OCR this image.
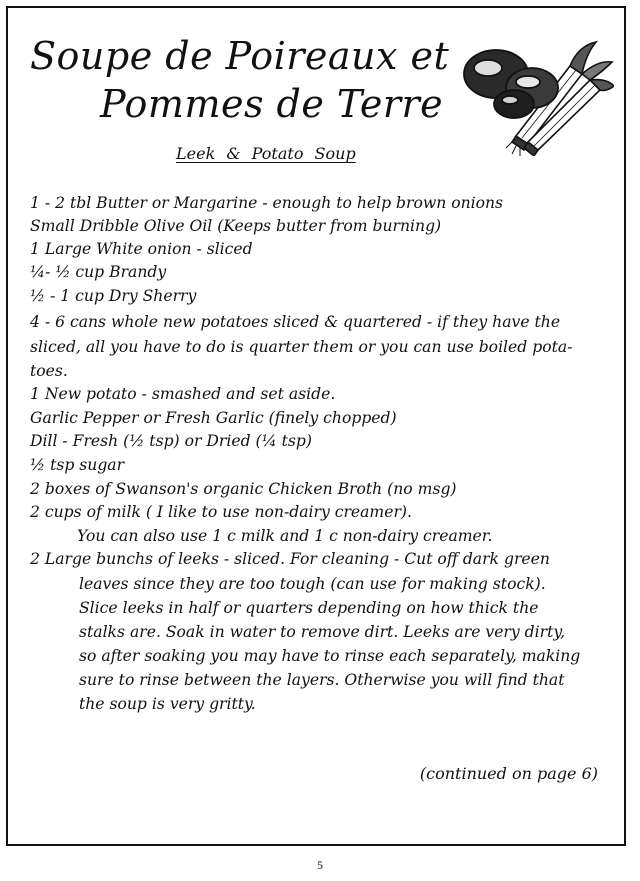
Soupe de Poireaux et
Pommes de Terre
Leek & Potato Soup
1 - 2 tbl Butter or Margarine - enough to help brown onions
Small Dribble Olive Oil (Keeps butter from burning)
1 Large White onion - sliced
¼- ½ cup Brandy
½ - 1 cup Dry Sherry
4 - 6 cans whole new potatoes sliced & quartered - if they have the
sliced, all you have to do is quarter them or you can use boiled pota-
toes.
1 New potato - smashed and set aside.
Garlic Pepper or Fresh Garlic (finely chopped)
Dill - Fresh (½ tsp) or Dried (¼ tsp)
½ tsp sugar
2 boxes of Swanson's organic Chicken Broth (no msg)
2 cups of milk ( I like to use non-dairy creamer).
You can also use 1 c milk and 1 c non-dairy creamer.
2 Large bunchs of leeks - sliced. For cleaning - Cut off dark green
leaves since they are too tough (can use for making stock).
Slice leeks in half or quarters depending on how thick the
stalks are. Soak in water to remove dirt. Leeks are very dirty,
so after soaking you may have to rinse each separately, making
sure to rinse between the layers. Otherwise you will find that
the soup is very gritty.
(continued on page 6)
5
